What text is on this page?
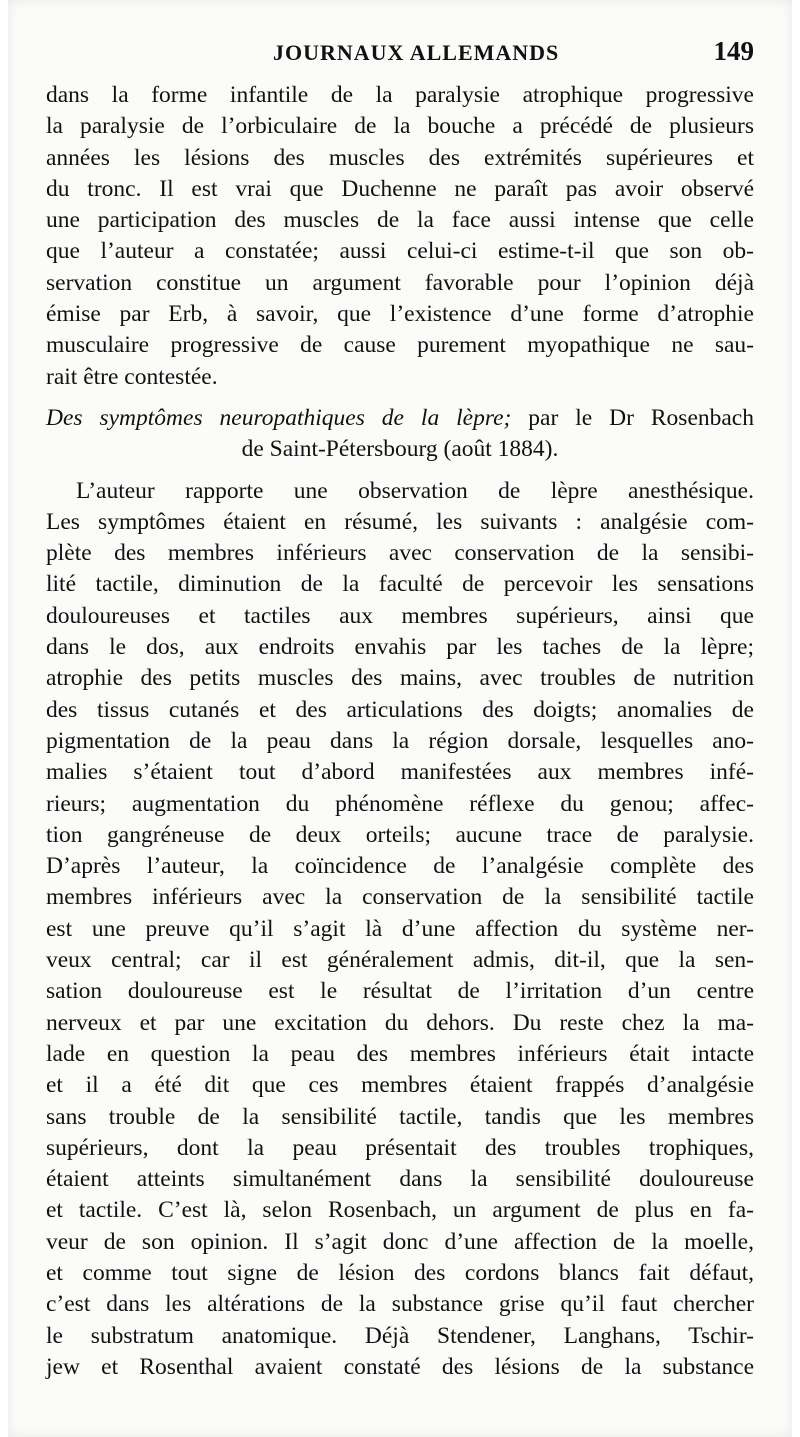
JOURNAUX ALLEMANDS	149
dans la forme infantile de la paralysie atrophique progressive
la paralysie de l’orbiculaire de la bouche a précédé de plusieurs
années les lésions des muscles des extrémités supérieures et
du tronc. Il est vrai que Duchenne ne paraît pas avoir observé
une participation des muscles de la face aussi intense que celle
que l’auteur a constatée; aussi celui-ci estime-t-il que son ob-
servation constitue un argument favorable pour l’opinion déjà
émise par Erb, à savoir, que l’existence d’une forme d’atrophie
musculaire progressive de cause purement myopathique ne sau-
rait être contestée.
Des symptômes neuropathiques de la lèpre; par le Dr Rosenbach
de Saint-Pétersbourg (août 1884).
L’auteur rapporte une observation de lèpre anesthésique.
Les symptômes étaient en résumé, les suivants : analgésie com-
plète des membres inférieurs avec conservation de la sensibi-
lité tactile, diminution de la faculté de percevoir les sensations
douloureuses et tactiles aux membres supérieurs, ainsi que
dans le dos, aux endroits envahis par les taches de la lèpre;
atrophie des petits muscles des mains, avec troubles de nutrition
des tissus cutanés et des articulations des doigts; anomalies de
pigmentation de la peau dans la région dorsale, lesquelles ano-
malies s’étaient tout d’abord manifestées aux membres infé-
rieurs; augmentation du phénomène réflexe du genou; affec-
tion gangréneuse de deux orteils; aucune trace de paralysie.
D’après l’auteur, la coïncidence de l’analgésie complète des
membres inférieurs avec la conservation de la sensibilité tactile
est une preuve qu’il s’agit là d’une affection du système ner-
veux central; car il est généralement admis, dit-il, que la sen-
sation douloureuse est le résultat de l’irritation d’un centre
nerveux et par une excitation du dehors. Du reste chez la ma-
lade en question la peau des membres inférieurs était intacte
et il a été dit que ces membres étaient frappés d’analgésie
sans trouble de la sensibilité tactile, tandis que les membres
supérieurs, dont la peau présentait des troubles trophiques,
étaient atteints simultanément dans la sensibilité douloureuse
et tactile. C’est là, selon Rosenbach, un argument de plus en fa-
veur de son opinion. Il s’agit donc d’une affection de la moelle,
et comme tout signe de lésion des cordons blancs fait défaut,
c’est dans les altérations de la substance grise qu’il faut chercher
le substratum anatomique. Déjà Stendener, Langhans, Tschir-
jew et Rosenthal avaient constaté des lésions de la substance
